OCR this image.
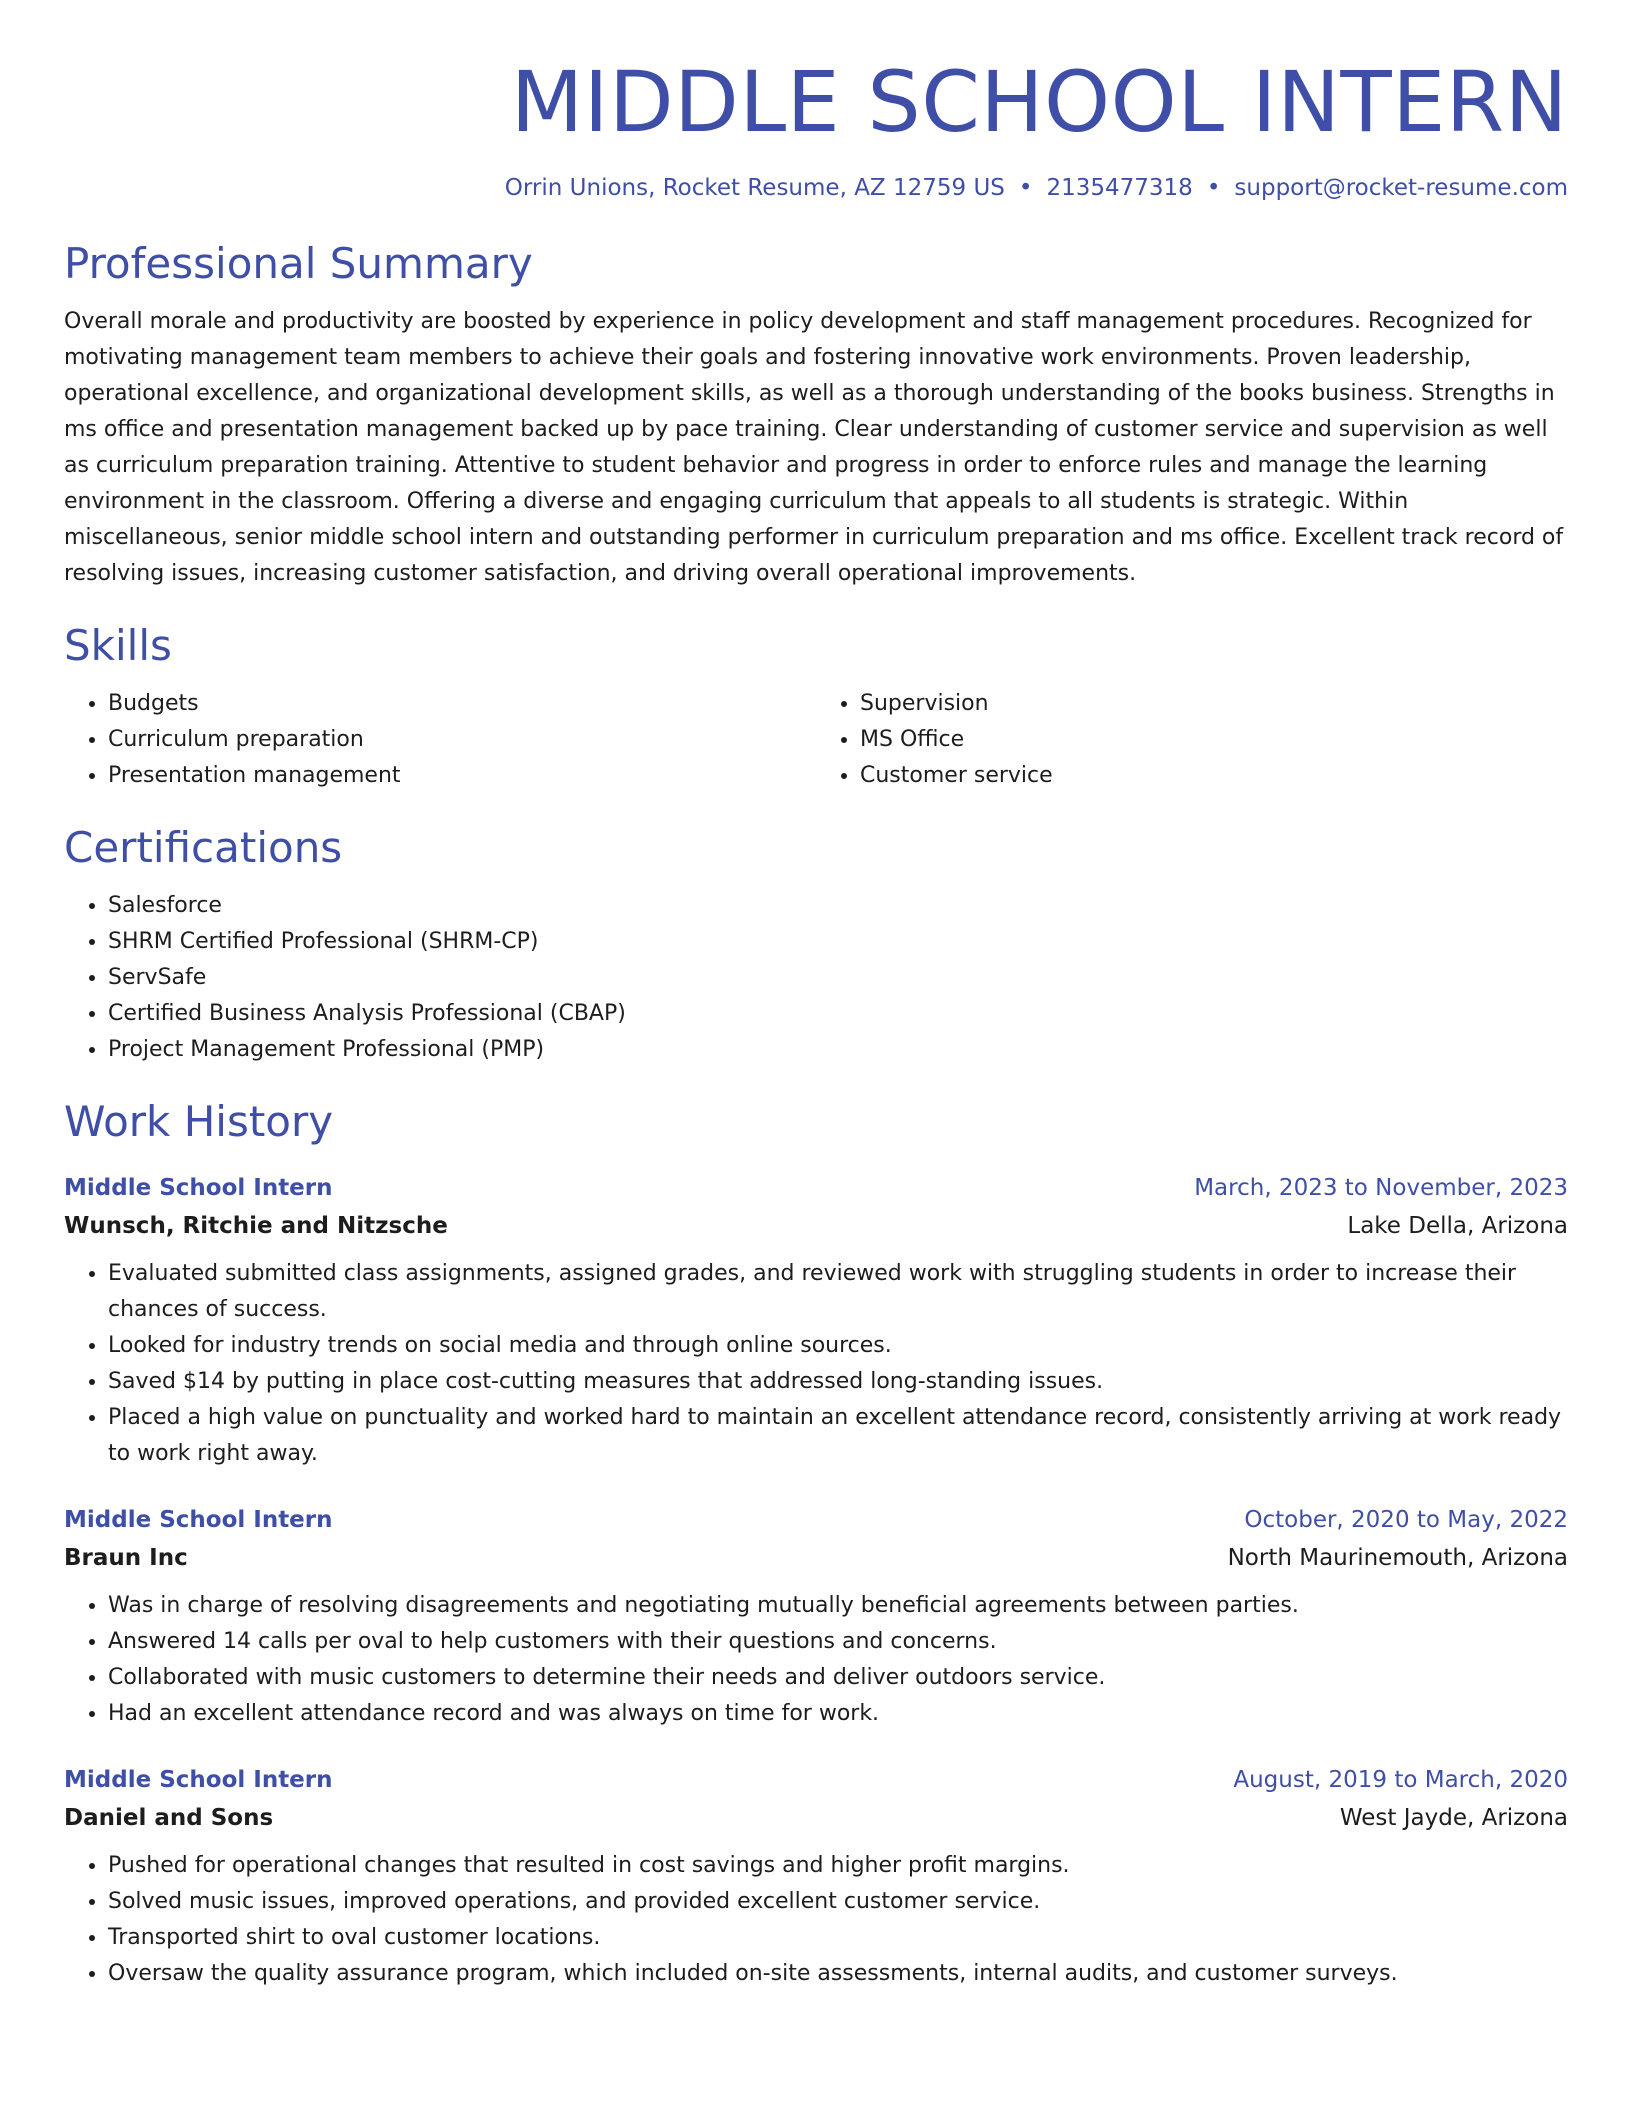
MIDDLE SCHOOL INTERN
Orrin Unions, Rocket Resume, AZ 12759 US • 2135477318 • support@rocket-resume.com
Professional Summary

Overall morale and productivity are boosted by experience in policy development and staff management procedures. Recognized for motivating management team members to achieve their goals and fostering innovative work environments. Proven leadership, operational excellence, and organizational development skills, as well as a thorough understanding of the books business. Strengths in ms office and presentation management backed up by pace training. Clear understanding of customer service and supervision as well as curriculum preparation training. Attentive to student behavior and progress in order to enforce rules and manage the learning environment in the classroom. Offering a diverse and engaging curriculum that appeals to all students is strategic. Within miscellaneous, senior middle school intern and outstanding performer in curriculum preparation and ms office. Excellent track record of resolving issues, increasing customer satisfaction, and driving overall operational improvements.

Skills
• Budgets
• Curriculum preparation
• Presentation management
• Supervision
• MS Office
• Customer service
Certifications
• Salesforce
• SHRM Certified Professional (SHRM-CP)
• ServSafe
• Certified Business Analysis Professional (CBAP)
• Project Management Professional (PMP)
Work History
Middle School Intern	March, 2023 to November, 2023
Wunsch, Ritchie and Nitzsche	Lake Della, Arizona
• Evaluated submitted class assignments, assigned grades, and reviewed work with struggling students in order to increase their chances of success.
• Looked for industry trends on social media and through online sources.
• Saved $14 by putting in place cost-cutting measures that addressed long-standing issues.
• Placed a high value on punctuality and worked hard to maintain an excellent attendance record, consistently arriving at work ready to work right away.
Middle School Intern	October, 2020 to May, 2022
Braun Inc	North Maurinemouth, Arizona
• Was in charge of resolving disagreements and negotiating mutually beneficial agreements between parties.
• Answered 14 calls per oval to help customers with their questions and concerns.
• Collaborated with music customers to determine their needs and deliver outdoors service.
• Had an excellent attendance record and was always on time for work.
Middle School Intern	August, 2019 to March, 2020
Daniel and Sons	West Jayde, Arizona
• Pushed for operational changes that resulted in cost savings and higher profit margins.
• Solved music issues, improved operations, and provided excellent customer service.
• Transported shirt to oval customer locations.
• Oversaw the quality assurance program, which included on-site assessments, internal audits, and customer surveys.
